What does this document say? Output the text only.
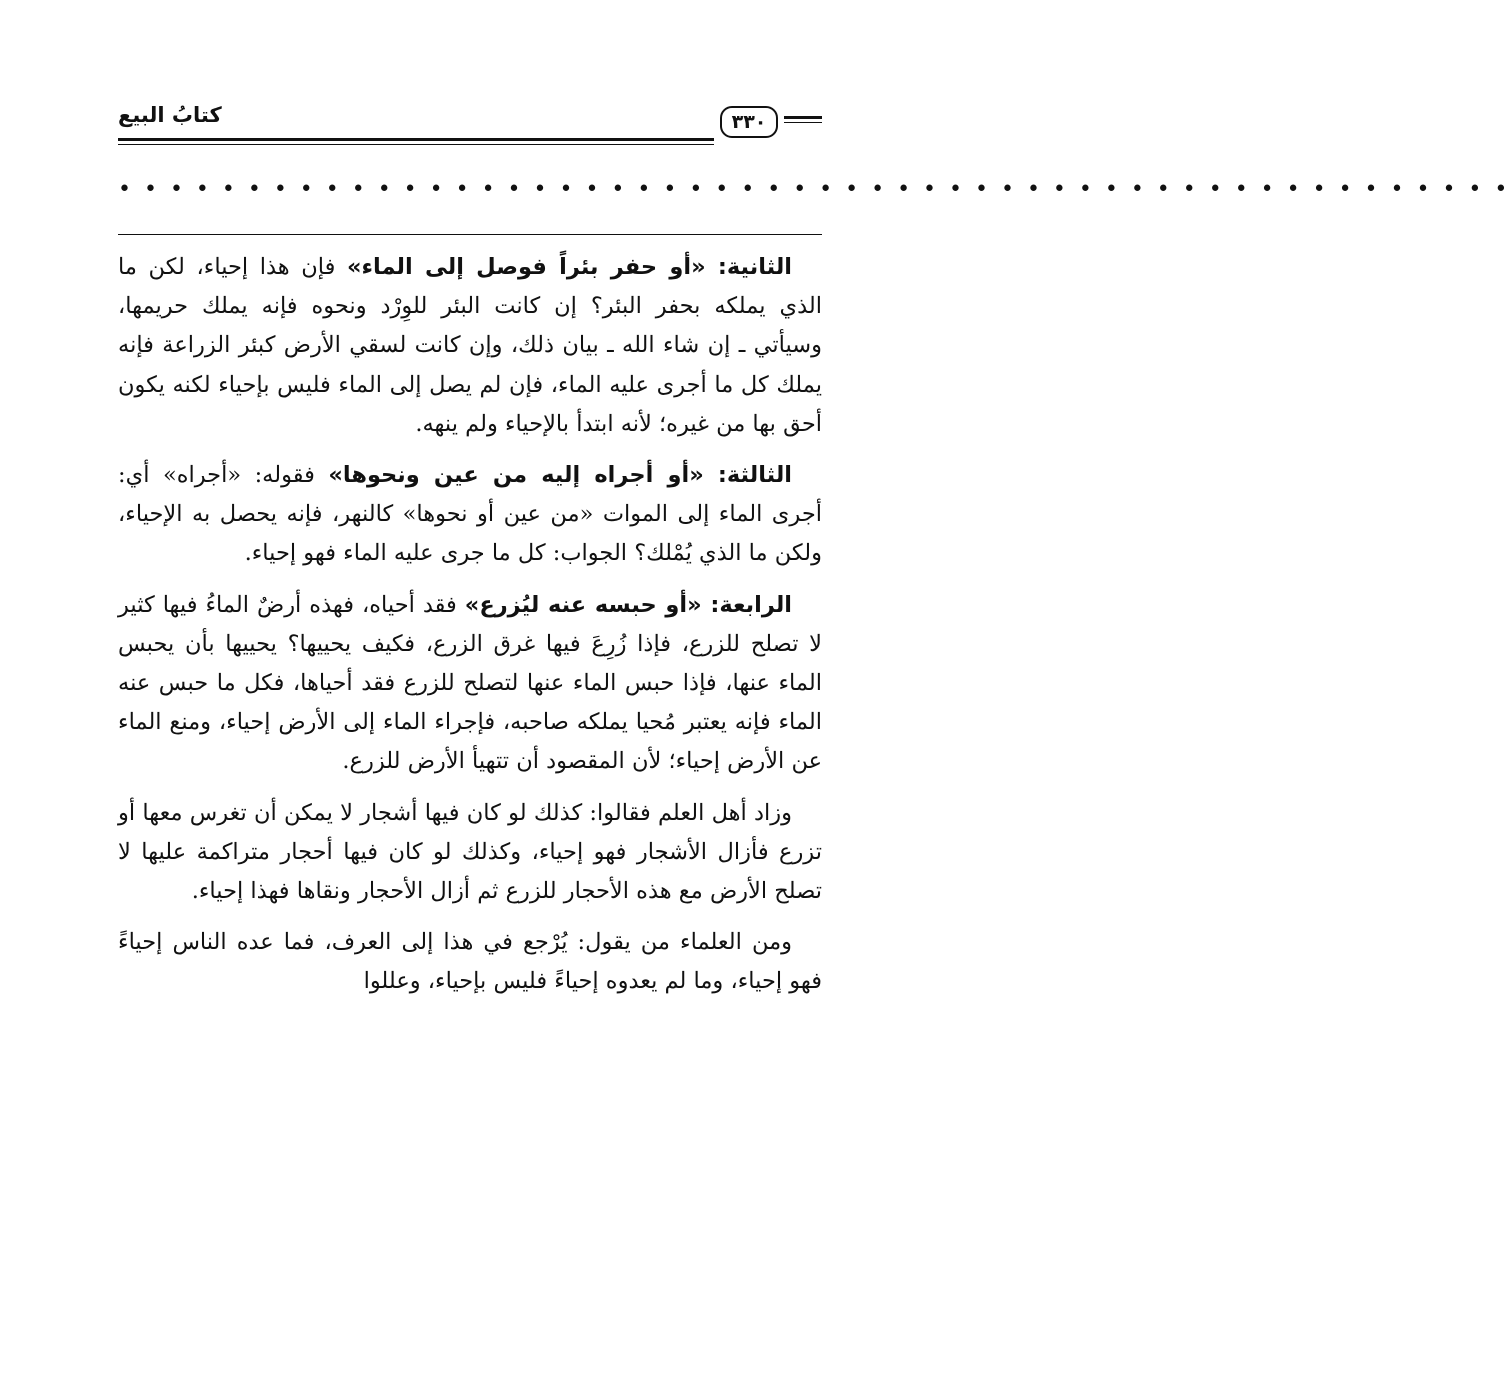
كتابُ البيع	٣٣٠
• • • • • • • • • • • • • • • • • • • • • • • • • • • • • • • • • • • • • • • • • • • • • • • • • • • • • •

الثانية: «أو حفر بئراً فوصل إلى الماء» فإن هذا إحياء، لكن ما الذي يملكه بحفر البئر؟ إن كانت البئر للوِرْد ونحوه فإنه يملك حريمها، وسيأتي ـ إن شاء الله ـ بيان ذلك، وإن كانت لسقي الأرض كبئر الزراعة فإنه يملك كل ما أجرى عليه الماء، فإن لم يصل إلى الماء فليس بإحياء لكنه يكون أحق بها من غيره؛ لأنه ابتدأ بالإحياء ولم ينهه.

الثالثة: «أو أجراه إليه من عين ونحوها» فقوله: «أجراه» أي: أجرى الماء إلى الموات «من عين أو نحوها» كالنهر، فإنه يحصل به الإحياء، ولكن ما الذي يُمْلك؟ الجواب: كل ما جرى عليه الماء فهو إحياء.

الرابعة: «أو حبسه عنه ليُزرع» فقد أحياه، فهذه أرضٌ الماءُ فيها كثير لا تصلح للزرع، فإذا زُرِعَ فيها غرق الزرع، فكيف يحييها؟ يحييها بأن يحبس الماء عنها، فإذا حبس الماء عنها لتصلح للزرع فقد أحياها، فكل ما حبس عنه الماء فإنه يعتبر مُحيا يملكه صاحبه، فإجراء الماء إلى الأرض إحياء، ومنع الماء عن الأرض إحياء؛ لأن المقصود أن تتهيأ الأرض للزرع.

وزاد أهل العلم فقالوا: كذلك لو كان فيها أشجار لا يمكن أن تغرس معها أو تزرع فأزال الأشجار فهو إحياء، وكذلك لو كان فيها أحجار متراكمة عليها لا تصلح الأرض مع هذه الأحجار للزرع ثم أزال الأحجار ونقاها فهذا إحياء.

ومن العلماء من يقول: يُرْجع في هذا إلى العرف، فما عده الناس إحياءً فهو إحياء، وما لم يعدوه إحياءً فليس بإحياء، وعللوا
